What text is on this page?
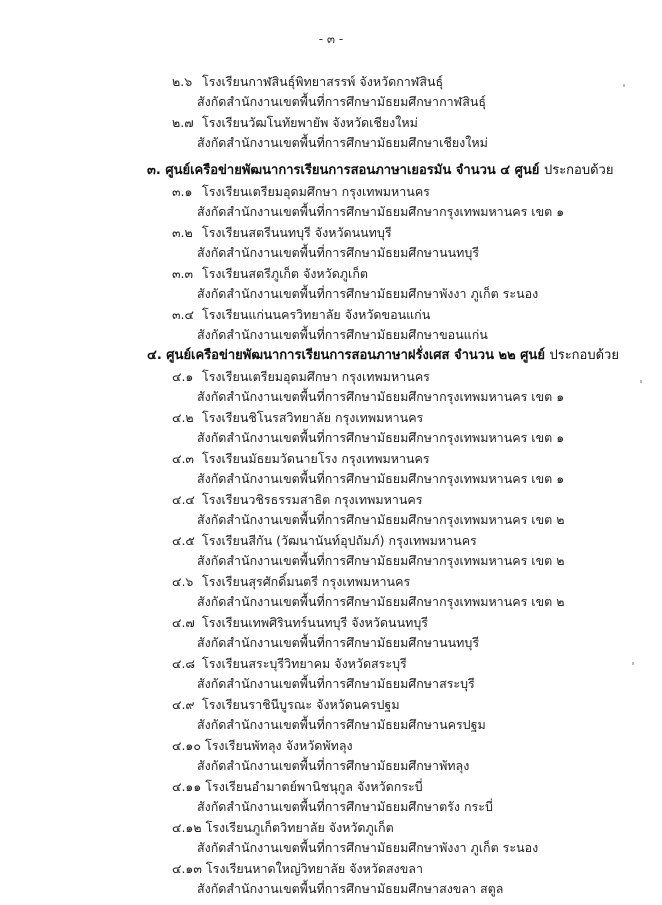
- ๓ -
๒.๖ โรงเรียนกาฬสินธุ์พิทยาสรรพ์ จังหวัดกาฬสินธุ์
สังกัดสำนักงานเขตพื้นที่การศึกษามัธยมศึกษากาฬสินธุ์
๒.๗ โรงเรียนวัฒโนทัยพายัพ จังหวัดเชียงใหม่
สังกัดสำนักงานเขตพื้นที่การศึกษามัธยมศึกษาเชียงใหม่
๓. ศูนย์เครือข่ายพัฒนาการเรียนการสอนภาษาเยอรมัน จำนวน ๔ ศูนย์ ประกอบด้วย
๓.๑ โรงเรียนเตรียมอุดมศึกษา กรุงเทพมหานคร
สังกัดสำนักงานเขตพื้นที่การศึกษามัธยมศึกษากรุงเทพมหานคร เขต ๑
๓.๒ โรงเรียนสตรีนนทบุรี จังหวัดนนทบุรี
สังกัดสำนักงานเขตพื้นที่การศึกษามัธยมศึกษานนทบุรี
๓.๓ โรงเรียนสตรีภูเก็ต จังหวัดภูเก็ต
สังกัดสำนักงานเขตพื้นที่การศึกษามัธยมศึกษาพังงา ภูเก็ต ระนอง
๓.๔ โรงเรียนแก่นนครวิทยาลัย จังหวัดขอนแก่น
สังกัดสำนักงานเขตพื้นที่การศึกษามัธยมศึกษาขอนแก่น
๔. ศูนย์เครือข่ายพัฒนาการเรียนการสอนภาษาฝรั่งเศส จำนวน ๒๒ ศูนย์ ประกอบด้วย
๔.๑ โรงเรียนเตรียมอุดมศึกษา กรุงเทพมหานคร
สังกัดสำนักงานเขตพื้นที่การศึกษามัธยมศึกษากรุงเทพมหานคร เขต ๑
๔.๒ โรงเรียนชิโนรสวิทยาลัย กรุงเทพมหานคร
สังกัดสำนักงานเขตพื้นที่การศึกษามัธยมศึกษากรุงเทพมหานคร เขต ๑
๔.๓ โรงเรียนมัธยมวัดนายโรง กรุงเทพมหานคร
สังกัดสำนักงานเขตพื้นที่การศึกษามัธยมศึกษากรุงเทพมหานคร เขต ๑
๔.๔ โรงเรียนวชิรธรรมสาธิต กรุงเทพมหานคร
สังกัดสำนักงานเขตพื้นที่การศึกษามัธยมศึกษากรุงเทพมหานคร เขต ๒
๔.๕ โรงเรียนสีกัน (วัฒนานันท์อุปถัมภ์) กรุงเทพมหานคร
สังกัดสำนักงานเขตพื้นที่การศึกษามัธยมศึกษากรุงเทพมหานคร เขต ๒
๔.๖ โรงเรียนสุรศักดิ์มนตรี กรุงเทพมหานคร
สังกัดสำนักงานเขตพื้นที่การศึกษามัธยมศึกษากรุงเทพมหานคร เขต ๒
๔.๗ โรงเรียนเทพศิรินทร์นนทบุรี จังหวัดนนทบุรี
สังกัดสำนักงานเขตพื้นที่การศึกษามัธยมศึกษานนทบุรี
๔.๘ โรงเรียนสระบุรีวิทยาคม จังหวัดสระบุรี
สังกัดสำนักงานเขตพื้นที่การศึกษามัธยมศึกษาสระบุรี
๔.๙ โรงเรียนราชินีบูรณะ จังหวัดนครปฐม
สังกัดสำนักงานเขตพื้นที่การศึกษามัธยมศึกษานครปฐม
๔.๑๐ โรงเรียนพัทลุง จังหวัดพัทลุง
สังกัดสำนักงานเขตพื้นที่การศึกษามัธยมศึกษาพัทลุง
๔.๑๑ โรงเรียนอำมาตย์พานิชนุกูล จังหวัดกระบี่
สังกัดสำนักงานเขตพื้นที่การศึกษามัธยมศึกษาตรัง กระบี่
๔.๑๒ โรงเรียนภูเก็ตวิทยาลัย จังหวัดภูเก็ต
สังกัดสำนักงานเขตพื้นที่การศึกษามัธยมศึกษาพังงา ภูเก็ต ระนอง
๔.๑๓ โรงเรียนหาดใหญ่วิทยาลัย จังหวัดสงขลา
สังกัดสำนักงานเขตพื้นที่การศึกษามัธยมศึกษาสงขลา สตูล
